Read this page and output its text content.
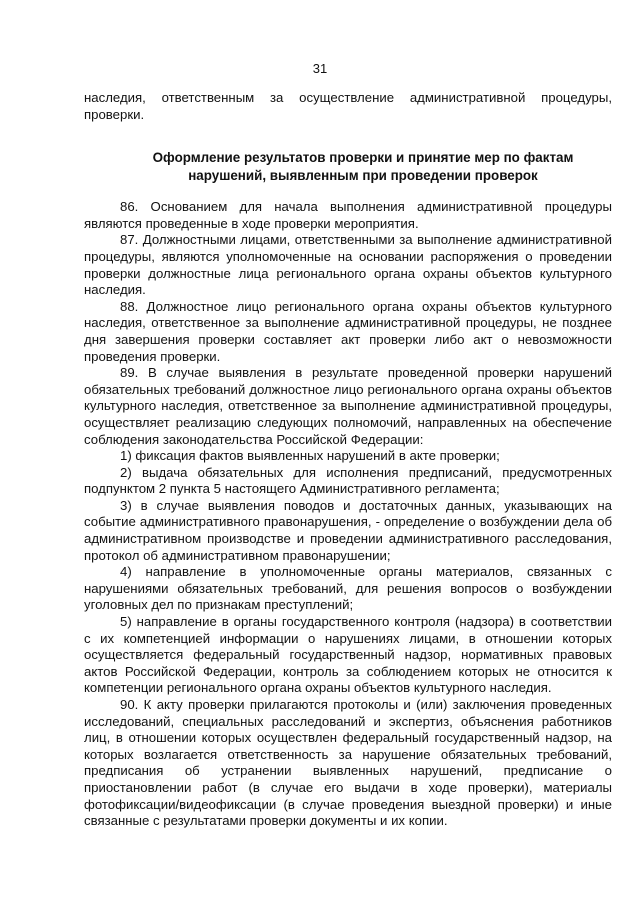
31

наследия, ответственным за осуществление административной процедуры, проверки.

Оформление результатов проверки и принятие мер по фактам нарушений, выявленным при проведении проверок

86. Основанием для начала выполнения административной процедуры являются проведенные в ходе проверки мероприятия.

87. Должностными лицами, ответственными за выполнение административной процедуры, являются уполномоченные на основании распоряжения о проведении проверки должностные лица регионального органа охраны объектов культурного наследия.

88. Должностное лицо регионального органа охраны объектов культурного наследия, ответственное за выполнение административной процедуры, не позднее дня завершения проверки составляет акт проверки либо акт о невозможности проведения проверки.

89. В случае выявления в результате проведенной проверки нарушений обязательных требований должностное лицо регионального органа охраны объектов культурного наследия, ответственное за выполнение административной процедуры, осуществляет реализацию следующих полномочий, направленных на обеспечение соблюдения законодательства Российской Федерации:

1) фиксация фактов выявленных нарушений в акте проверки;

2) выдача обязательных для исполнения предписаний, предусмотренных подпунктом 2 пункта 5 настоящего Административного регламента;

3) в случае выявления поводов и достаточных данных, указывающих на событие административного правонарушения, - определение о возбуждении дела об административном производстве и проведении административного расследования, протокол об административном правонарушении;

4) направление в уполномоченные органы материалов, связанных с нарушениями обязательных требований, для решения вопросов о возбуждении уголовных дел по признакам преступлений;

5) направление в органы государственного контроля (надзора) в соответствии с их компетенцией информации о нарушениях лицами, в отношении которых осуществляется федеральный государственный надзор, нормативных правовых актов Российской Федерации, контроль за соблюдением которых не относится к компетенции регионального органа охраны объектов культурного наследия.

90. К акту проверки прилагаются протоколы и (или) заключения проведенных исследований, специальных расследований и экспертиз, объяснения работников лиц, в отношении которых осуществлен федеральный государственный надзор, на которых возлагается ответственность за нарушение обязательных требований, предписания об устранении выявленных нарушений, предписание о приостановлении работ (в случае его выдачи в ходе проверки), материалы фотофиксации/видеофиксации (в случае проведения выездной проверки) и иные связанные с результатами проверки документы и их копии.
